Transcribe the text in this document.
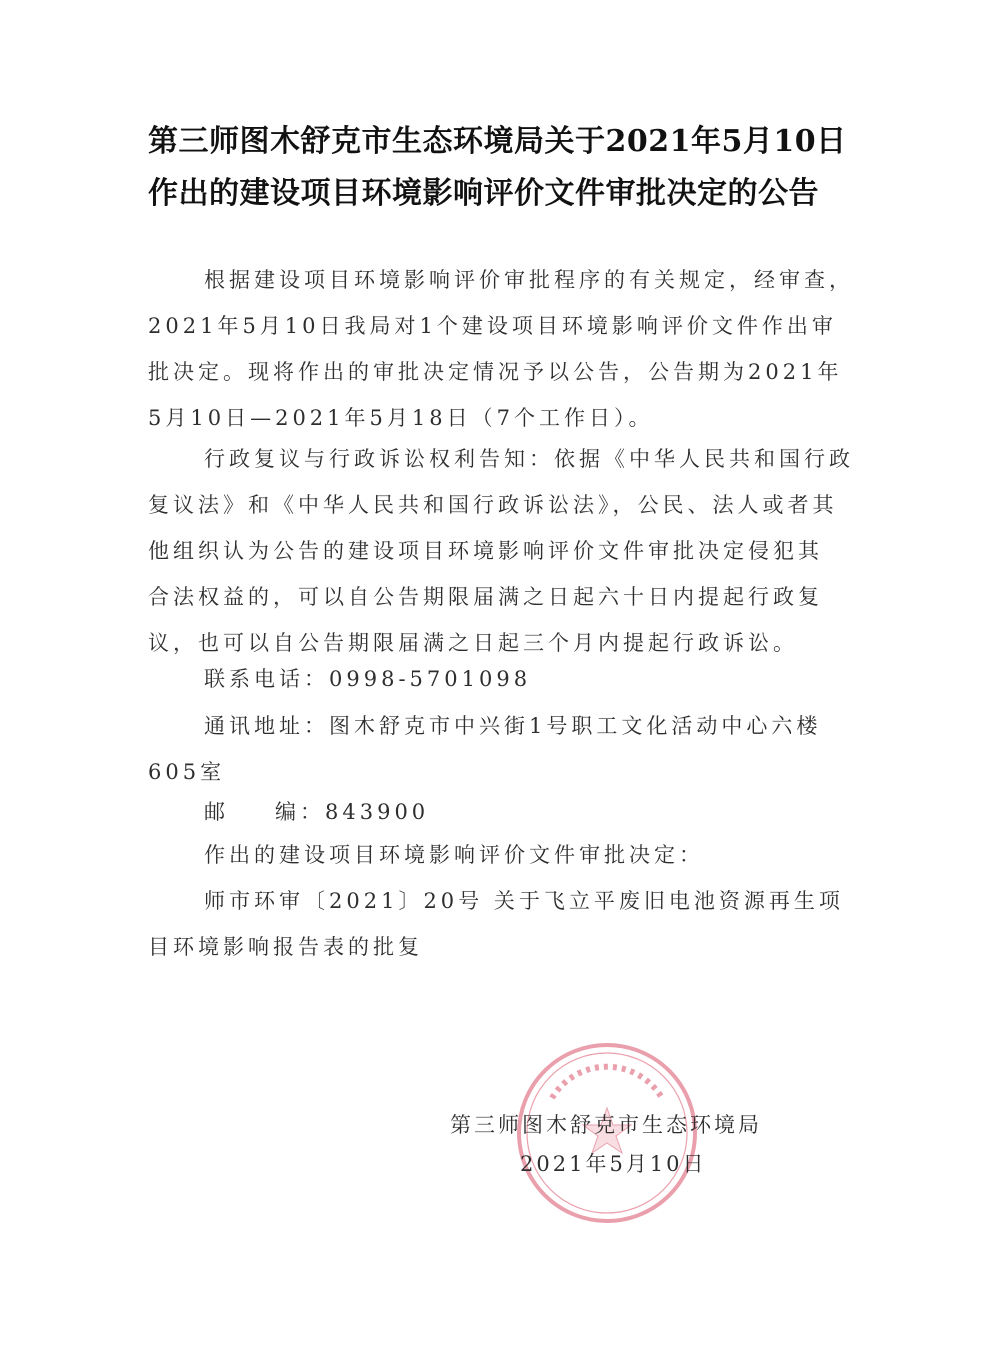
第三师图木舒克市生态环境局关于2021年5月10日
作出的建设项目环境影响评价文件审批决定的公告
根据建设项目环境影响评价审批程序的有关规定，经审查，
2021年5月10日我局对1个建设项目环境影响评价文件作出审
批决定。现将作出的审批决定情况予以公告，公告期为2021年
5月10日—2021年5月18日（7个工作日）。
行政复议与行政诉讼权利告知：依据《中华人民共和国行政
复议法》和《中华人民共和国行政诉讼法》，公民、法人或者其
他组织认为公告的建设项目环境影响评价文件审批决定侵犯其
合法权益的，可以自公告期限届满之日起六十日内提起行政复
议，也可以自公告期限届满之日起三个月内提起行政诉讼。
联系电话：0998-5701098
通讯地址：图木舒克市中兴街1号职工文化活动中心六楼
605室
邮 编：843900
作出的建设项目环境影响评价文件审批决定：
师市环审〔2021〕20号 关于飞立平废旧电池资源再生项
目环境影响报告表的批复
第三师图木舒克市生态环境局
2021年5月10日
